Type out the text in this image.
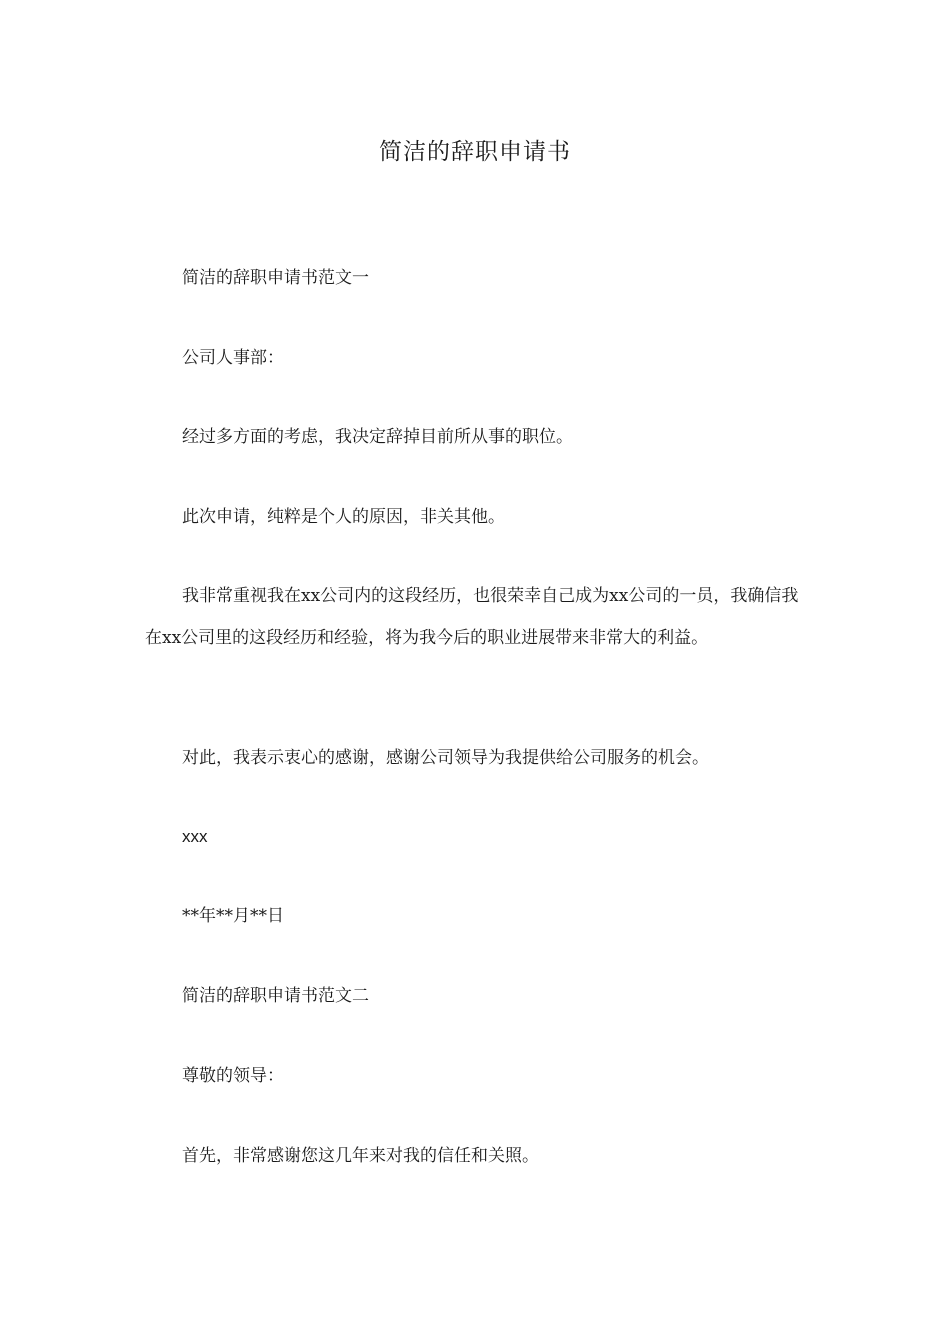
简洁的辞职申请书

简洁的辞职申请书范文一

公司人事部：

经过多方面的考虑，我决定辞掉目前所从事的职位。

此次申请，纯粹是个人的原因，非关其他。

我非常重视我在xx公司内的这段经历，也很荣幸自己成为xx公司的一员，我确信我在xx公司里的这段经历和经验，将为我今后的职业进展带来非常大的利益。

对此，我表示衷心的感谢，感谢公司领导为我提供给公司服务的机会。

xxx

**年**月**日

简洁的辞职申请书范文二

尊敬的领导：

首先，非常感谢您这几年来对我的信任和关照。
